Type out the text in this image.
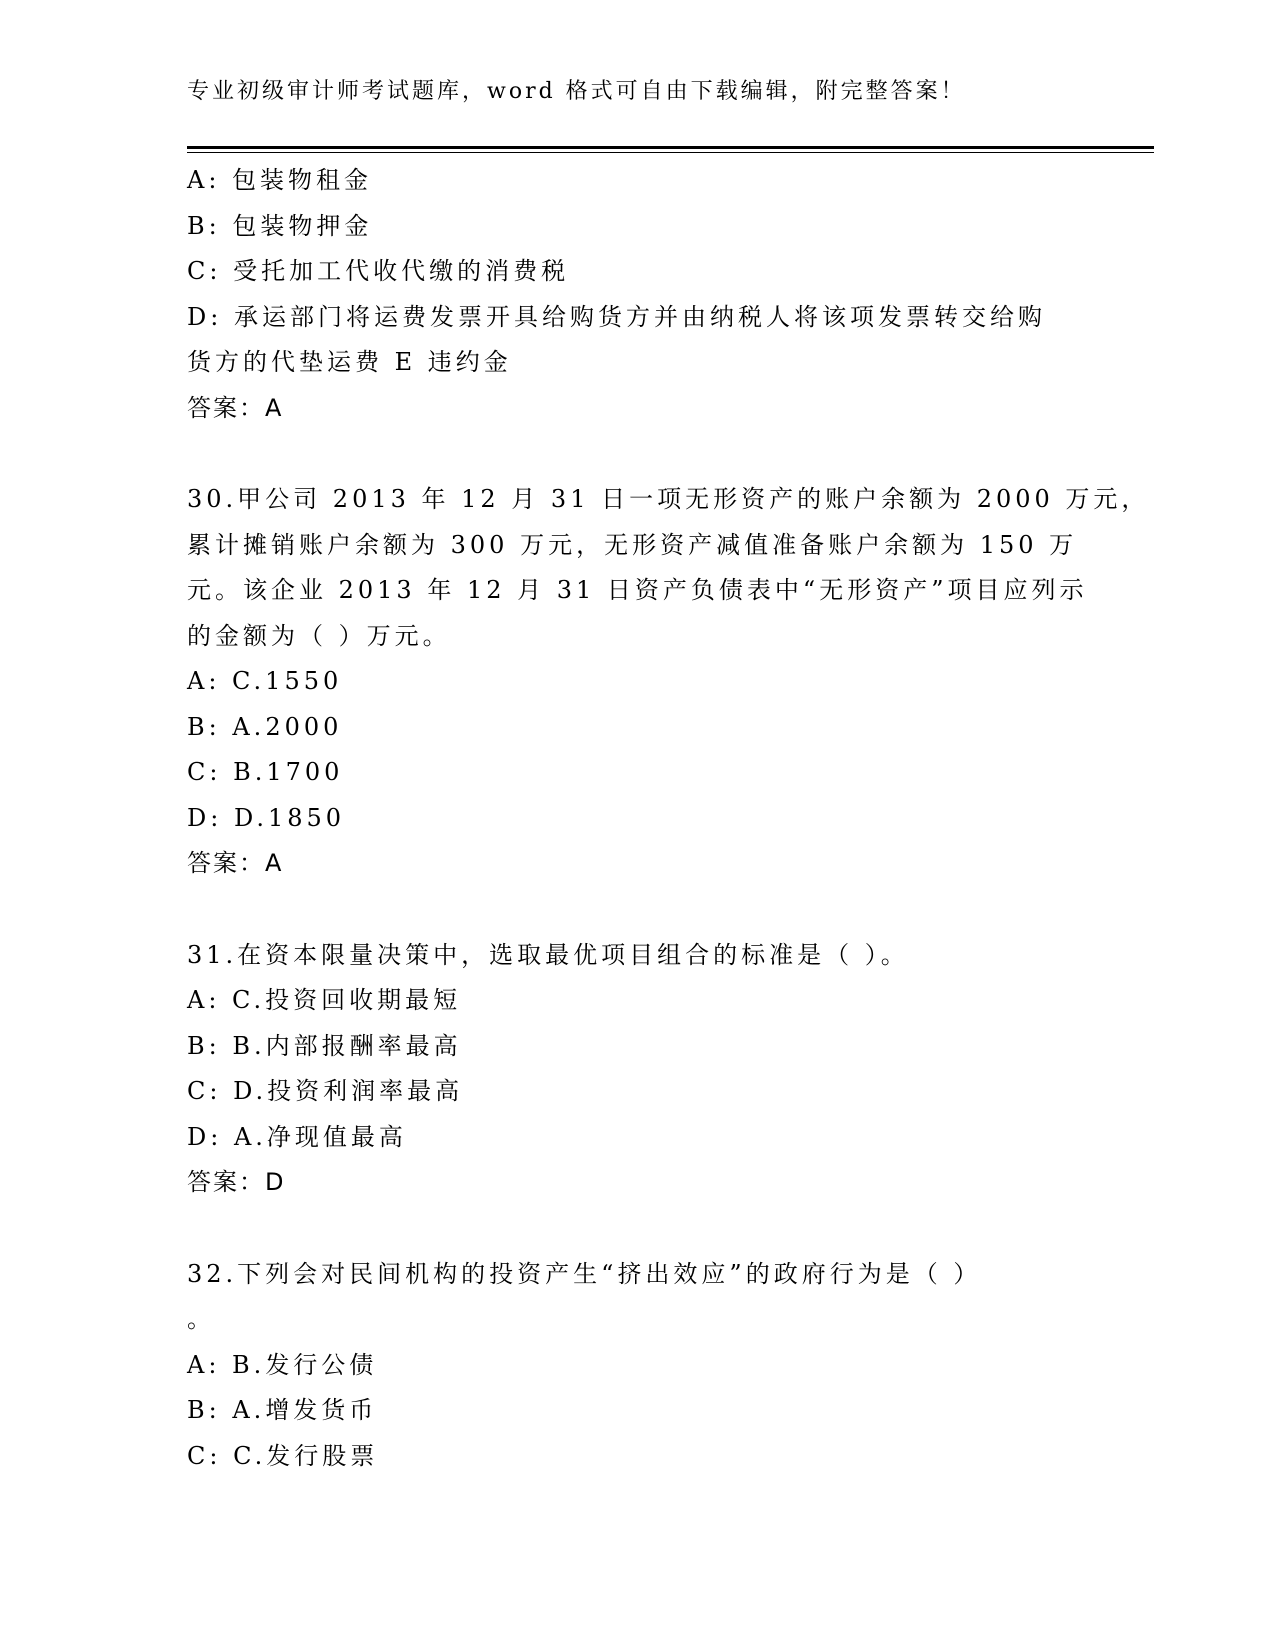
专业初级审计师考试题库，word 格式可自由下载编辑，附完整答案！
A: 包装物租金
B: 包装物押金
C: 受托加工代收代缴的消费税
D: 承运部门将运费发票开具给购货方并由纳税人将该项发票转交给购
货方的代垫运费 E 违约金
答案：A
30.甲公司 2013 年 12 月 31 日一项无形资产的账户余额为 2000 万元，
累计摊销账户余额为 300 万元，无形资产减值准备账户余额为 150 万
元。该企业 2013 年 12 月 31 日资产负债表中“无形资产”项目应列示
的金额为（ ）万元。
A: C.1550
B: A.2000
C: B.1700
D: D.1850
答案：A
31.在资本限量决策中，选取最优项目组合的标准是（ ）。
A: C.投资回收期最短
B: B.内部报酬率最高
C: D.投资利润率最高
D: A.净现值最高
答案：D
32.下列会对民间机构的投资产生“挤出效应”的政府行为是（ ）
。
A: B.发行公债
B: A.增发货币
C: C.发行股票
